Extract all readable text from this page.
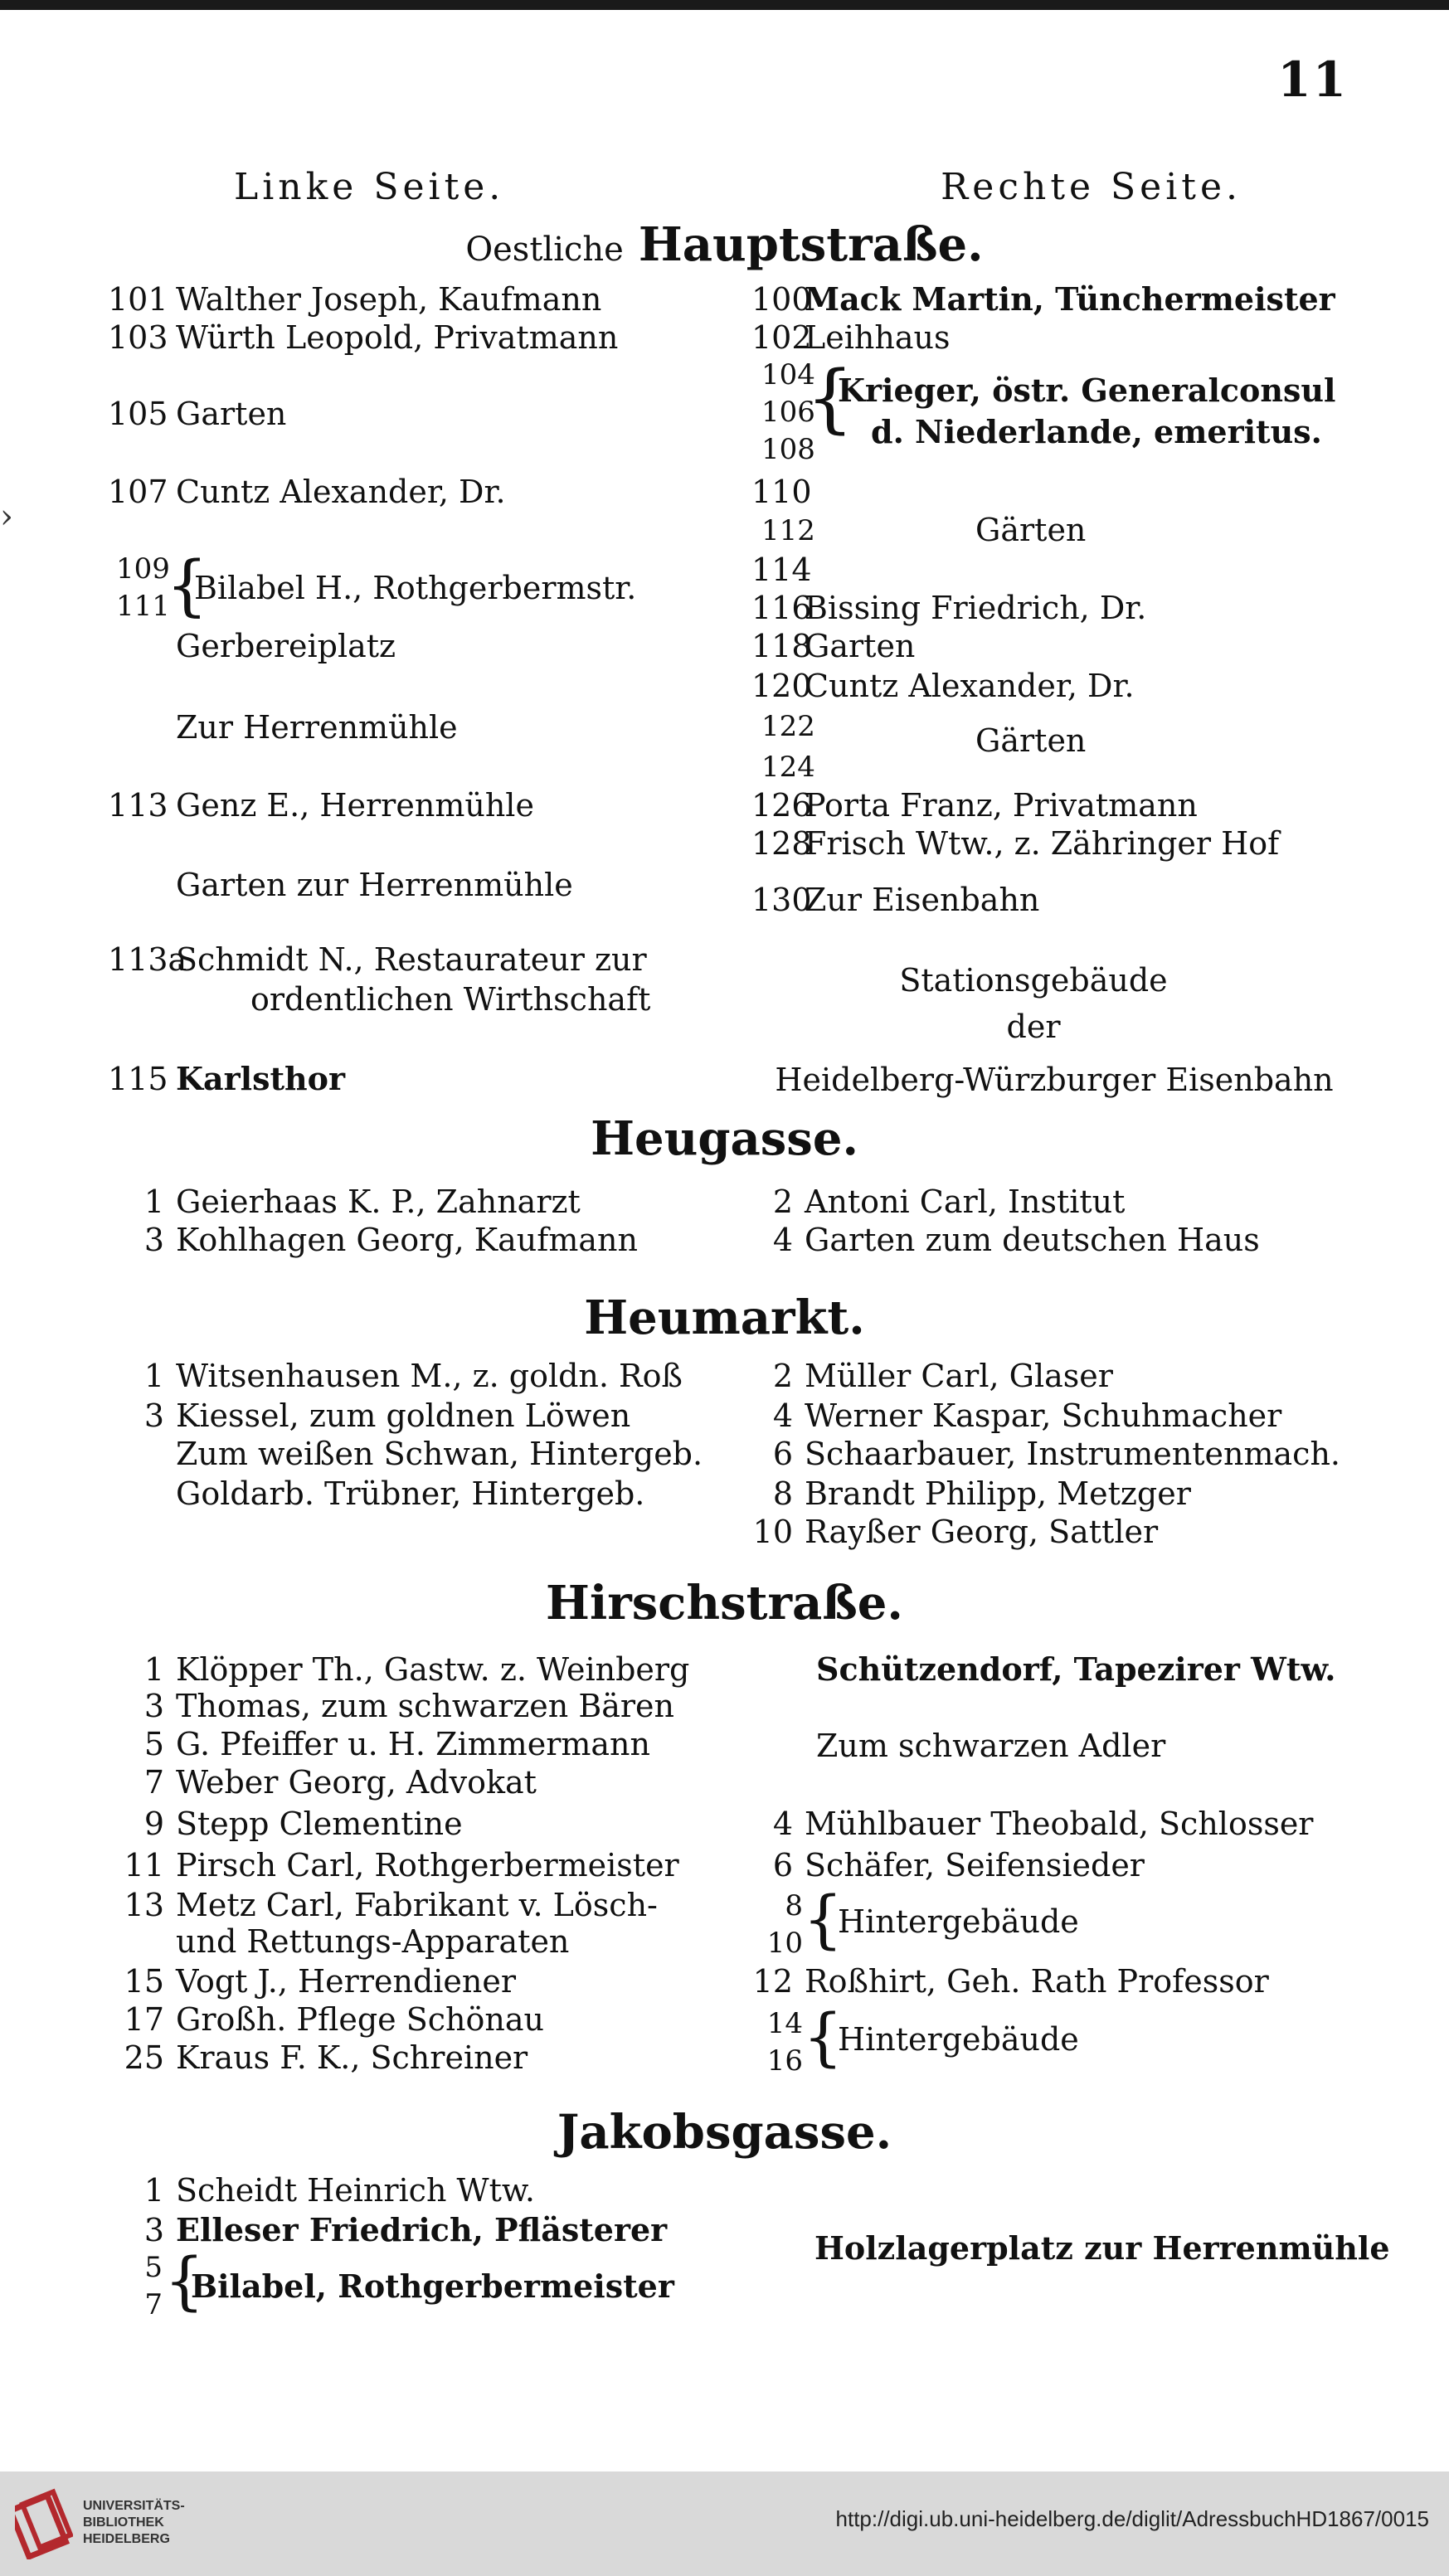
11
Linke Seite.	Rechte Seite.
Oestliche Hauptstraße.
101 Walther Joseph, Kaufmann
103 Würth Leopold, Privatmann
105 Garten
107 Cuntz Alexander, Dr.
109
111
{
Bilabel H., Rothgerbermstr.
Gerbereiplatz
Zur Herrenmühle
113 Genz E., Herrenmühle
Garten zur Herrenmühle
113aSchmidt N., Restaurateur zur
ordentlichen Wirthschaft
115 Karlsthor
100Mack Martin, Tünchermeister
102Leihhaus
104
106
108
{
Krieger, östr. Generalconsul
d. Niederlande, emeritus.
110
112	Gärten
114
116Bissing Friedrich, Dr.
118Garten
120Cuntz Alexander, Dr.
122
124
Gärten
126Porta Franz, Privatmann
128Frisch Wtw., z. Zähringer Hof
130Zur Eisenbahn
Stationsgebäude
der
Heidelberg-Würzburger Eisenbahn
Heugasse.
1 Geierhaas K. P., Zahnarzt
3 Kohlhagen Georg, Kaufmann
2 Antoni Carl, Institut
4 Garten zum deutschen Haus
Heumarkt.
1 Witsenhausen M., z. goldn. Roß
3 Kiessel, zum goldnen Löwen
Zum weißen Schwan, Hintergeb.
Goldarb. Trübner, Hintergeb.
2 Müller Carl, Glaser
4 Werner Kaspar, Schuhmacher
6 Schaarbauer, Instrumentenmach.
8 Brandt Philipp, Metzger
10 Rayßer Georg, Sattler
Hirschstraße.
1 Klöpper Th., Gastw. z. Weinberg
3 Thomas, zum schwarzen Bären
5 G. Pfeiffer u. H. Zimmermann
7 Weber Georg, Advokat
9 Stepp Clementine
11 Pirsch Carl, Rothgerbermeister
13 Metz Carl, Fabrikant v. Lösch-
und Rettungs-Apparaten
15 Vogt J., Herrendiener
17 Großh. Pflege Schönau
25 Kraus F. K., Schreiner
Schützendorf, Tapezirer Wtw.
Zum schwarzen Adler
4 Mühlbauer Theobald, Schlosser
6 Schäfer, Seifensieder
8
10 {
Hintergebäude
12 Roßhirt, Geh. Rath Professor
14
16 {
Hintergebäude
Jakobsgasse.
1 Scheidt Heinrich Wtw.
3 Elleser Friedrich, Pflästerer
5
7 {
Bilabel, Rothgerbermeister
Holzlagerplatz zur Herrenmühle
›
UNIVERSITÄTS-
BIBLIOTHEK
HEIDELBERG
http://digi.ub.uni-heidelberg.de/diglit/AdressbuchHD1867/0015
